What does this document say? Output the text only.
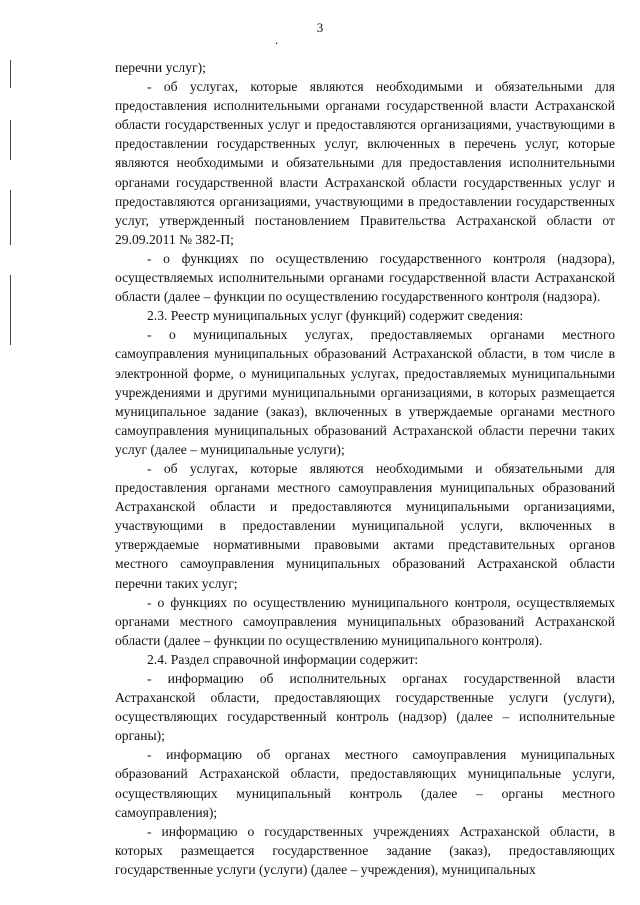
3
.

перечни услуг);

- об услугах, которые являются необходимыми и обязательными для предоставления исполнительными органами государственной власти Астраханской области государственных услуг и предоставляются организациями, участвующими в предоставлении государственных услуг, включенных в перечень услуг, которые являются необходимыми и обязательными для предоставления исполнительными органами государственной власти Астраханской области государственных услуг и предоставляются организациями, участвующими в предоставлении государственных услуг, утвержденный постановлением Правительства Астраханской области от 29.09.2011 № 382-П;

- о функциях по осуществлению государственного контроля (надзора), осуществляемых исполнительными органами государственной власти Астраханской области (далее – функции по осуществлению государственного контроля (надзора).

2.3. Реестр муниципальных услуг (функций) содержит сведения:

- о муниципальных услугах, предоставляемых органами местного самоуправления муниципальных образований Астраханской области, в том числе в электронной форме, о муниципальных услугах, предоставляемых муниципальными учреждениями и другими муниципальными организациями, в которых размещается муниципальное задание (заказ), включенных в утверждаемые органами местного самоуправления муниципальных образований Астраханской области перечни таких услуг (далее – муниципальные услуги);

- об услугах, которые являются необходимыми и обязательными для предоставления органами местного самоуправления муниципальных образований Астраханской области и предоставляются муниципальными организациями, участвующими в предоставлении муниципальной услуги, включенных в утверждаемые нормативными правовыми актами представительных органов местного самоуправления муниципальных образований Астраханской области перечни таких услуг;

- о функциях по осуществлению муниципального контроля, осуществляемых органами местного самоуправления муниципальных образований Астраханской области (далее – функции по осуществлению муниципального контроля).

2.4. Раздел справочной информации содержит:

- информацию об исполнительных органах государственной власти Астраханской области, предоставляющих государственные услуги (услуги), осуществляющих государственный контроль (надзор) (далее – исполнительные органы);

- информацию об органах местного самоуправления муниципальных образований Астраханской области, предоставляющих муниципальные услуги, осуществляющих муниципальный контроль (далее – органы местного самоуправления);

- информацию о государственных учреждениях Астраханской области, в которых размещается государственное задание (заказ), предоставляющих государственные услуги (услуги) (далее – учреждения), муниципальных
